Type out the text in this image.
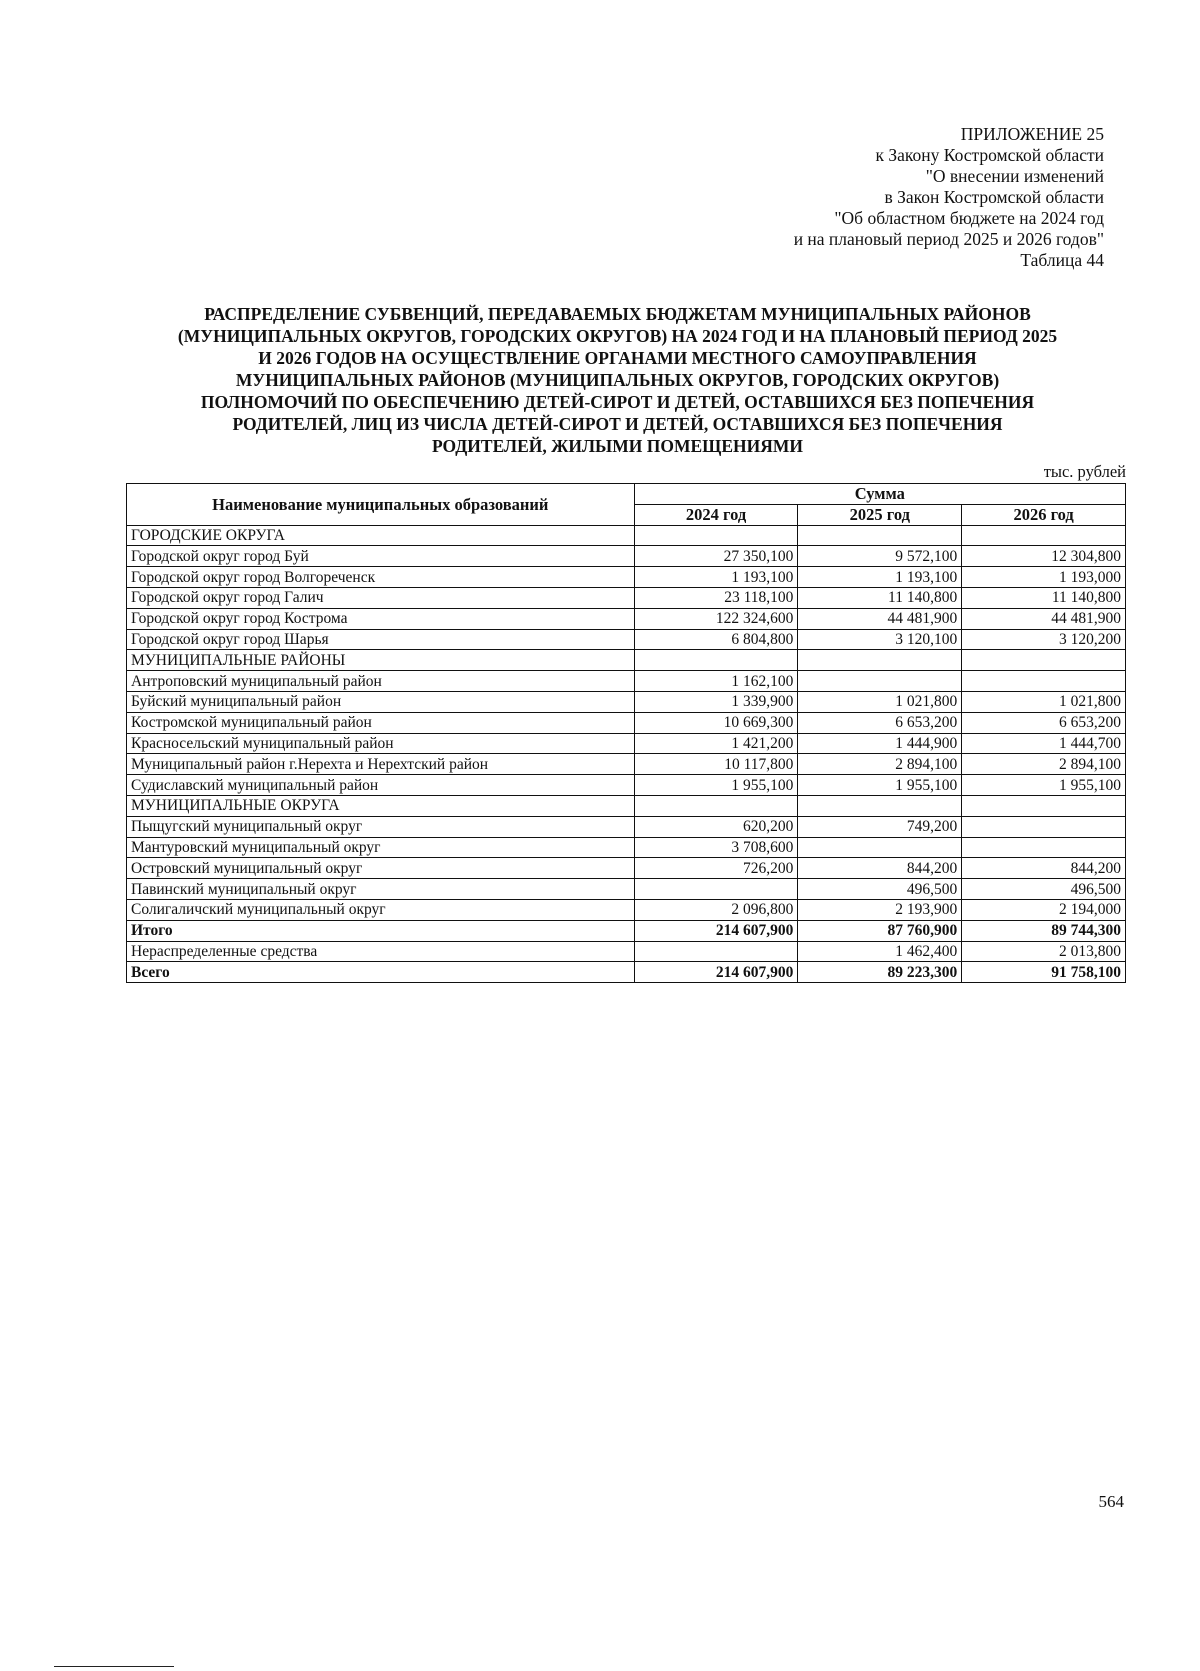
ПРИЛОЖЕНИЕ 25
к Закону Костромской области
"О внесении изменений
в Закон Костромской области
"Об областном бюджете на 2024 год
и на плановый период 2025 и 2026 годов"
Таблица 44
РАСПРЕДЕЛЕНИЕ СУБВЕНЦИЙ, ПЕРЕДАВАЕМЫХ БЮДЖЕТАМ МУНИЦИПАЛЬНЫХ РАЙОНОВ
(МУНИЦИПАЛЬНЫХ ОКРУГОВ, ГОРОДСКИХ ОКРУГОВ) НА 2024 ГОД И НА ПЛАНОВЫЙ ПЕРИОД 2025
И 2026 ГОДОВ НА ОСУЩЕСТВЛЕНИЕ ОРГАНАМИ МЕСТНОГО САМОУПРАВЛЕНИЯ
МУНИЦИПАЛЬНЫХ РАЙОНОВ (МУНИЦИПАЛЬНЫХ ОКРУГОВ, ГОРОДСКИХ ОКРУГОВ)
ПОЛНОМОЧИЙ ПО ОБЕСПЕЧЕНИЮ ДЕТЕЙ-СИРОТ И ДЕТЕЙ, ОСТАВШИХСЯ БЕЗ ПОПЕЧЕНИЯ
РОДИТЕЛЕЙ, ЛИЦ ИЗ ЧИСЛА ДЕТЕЙ-СИРОТ И ДЕТЕЙ, ОСТАВШИХСЯ БЕЗ ПОПЕЧЕНИЯ
РОДИТЕЛЕЙ, ЖИЛЫМИ ПОМЕЩЕНИЯМИ
тыс. рублей
Наименование муниципальных образований	Сумма		
	2024 год	2025 год	2026 год
ГОРОДСКИЕ ОКРУГА			
Городской округ город Буй	27 350,100	9 572,100	12 304,800
Городской округ город Волгореченск	1 193,100	1 193,100	1 193,000
Городской округ город Галич	23 118,100	11 140,800	11 140,800
Городской округ город Кострома	122 324,600	44 481,900	44 481,900
Городской округ город Шарья	6 804,800	3 120,100	3 120,200
МУНИЦИПАЛЬНЫЕ РАЙОНЫ			
Антроповский муниципальный район	1 162,100		
Буйский муниципальный район	1 339,900	1 021,800	1 021,800
Костромской муниципальный район	10 669,300	6 653,200	6 653,200
Красносельский муниципальный район	1 421,200	1 444,900	1 444,700
Муниципальный район г.Нерехта и Нерехтский район	10 117,800	2 894,100	2 894,100
Судиславский муниципальный район	1 955,100	1 955,100	1 955,100
МУНИЦИПАЛЬНЫЕ ОКРУГА			
Пыщугский муниципальный округ	620,200	749,200	
Мантуровский муниципальный округ	3 708,600		
Островский муниципальный округ	726,200	844,200	844,200
Павинский муниципальный округ		496,500	496,500
Солигаличский муниципальный округ	2 096,800	2 193,900	2 194,000
Итого	214 607,900	87 760,900	89 744,300
Нераспределенные средства		1 462,400	2 013,800
Всего	214 607,900	89 223,300	91 758,100
564
